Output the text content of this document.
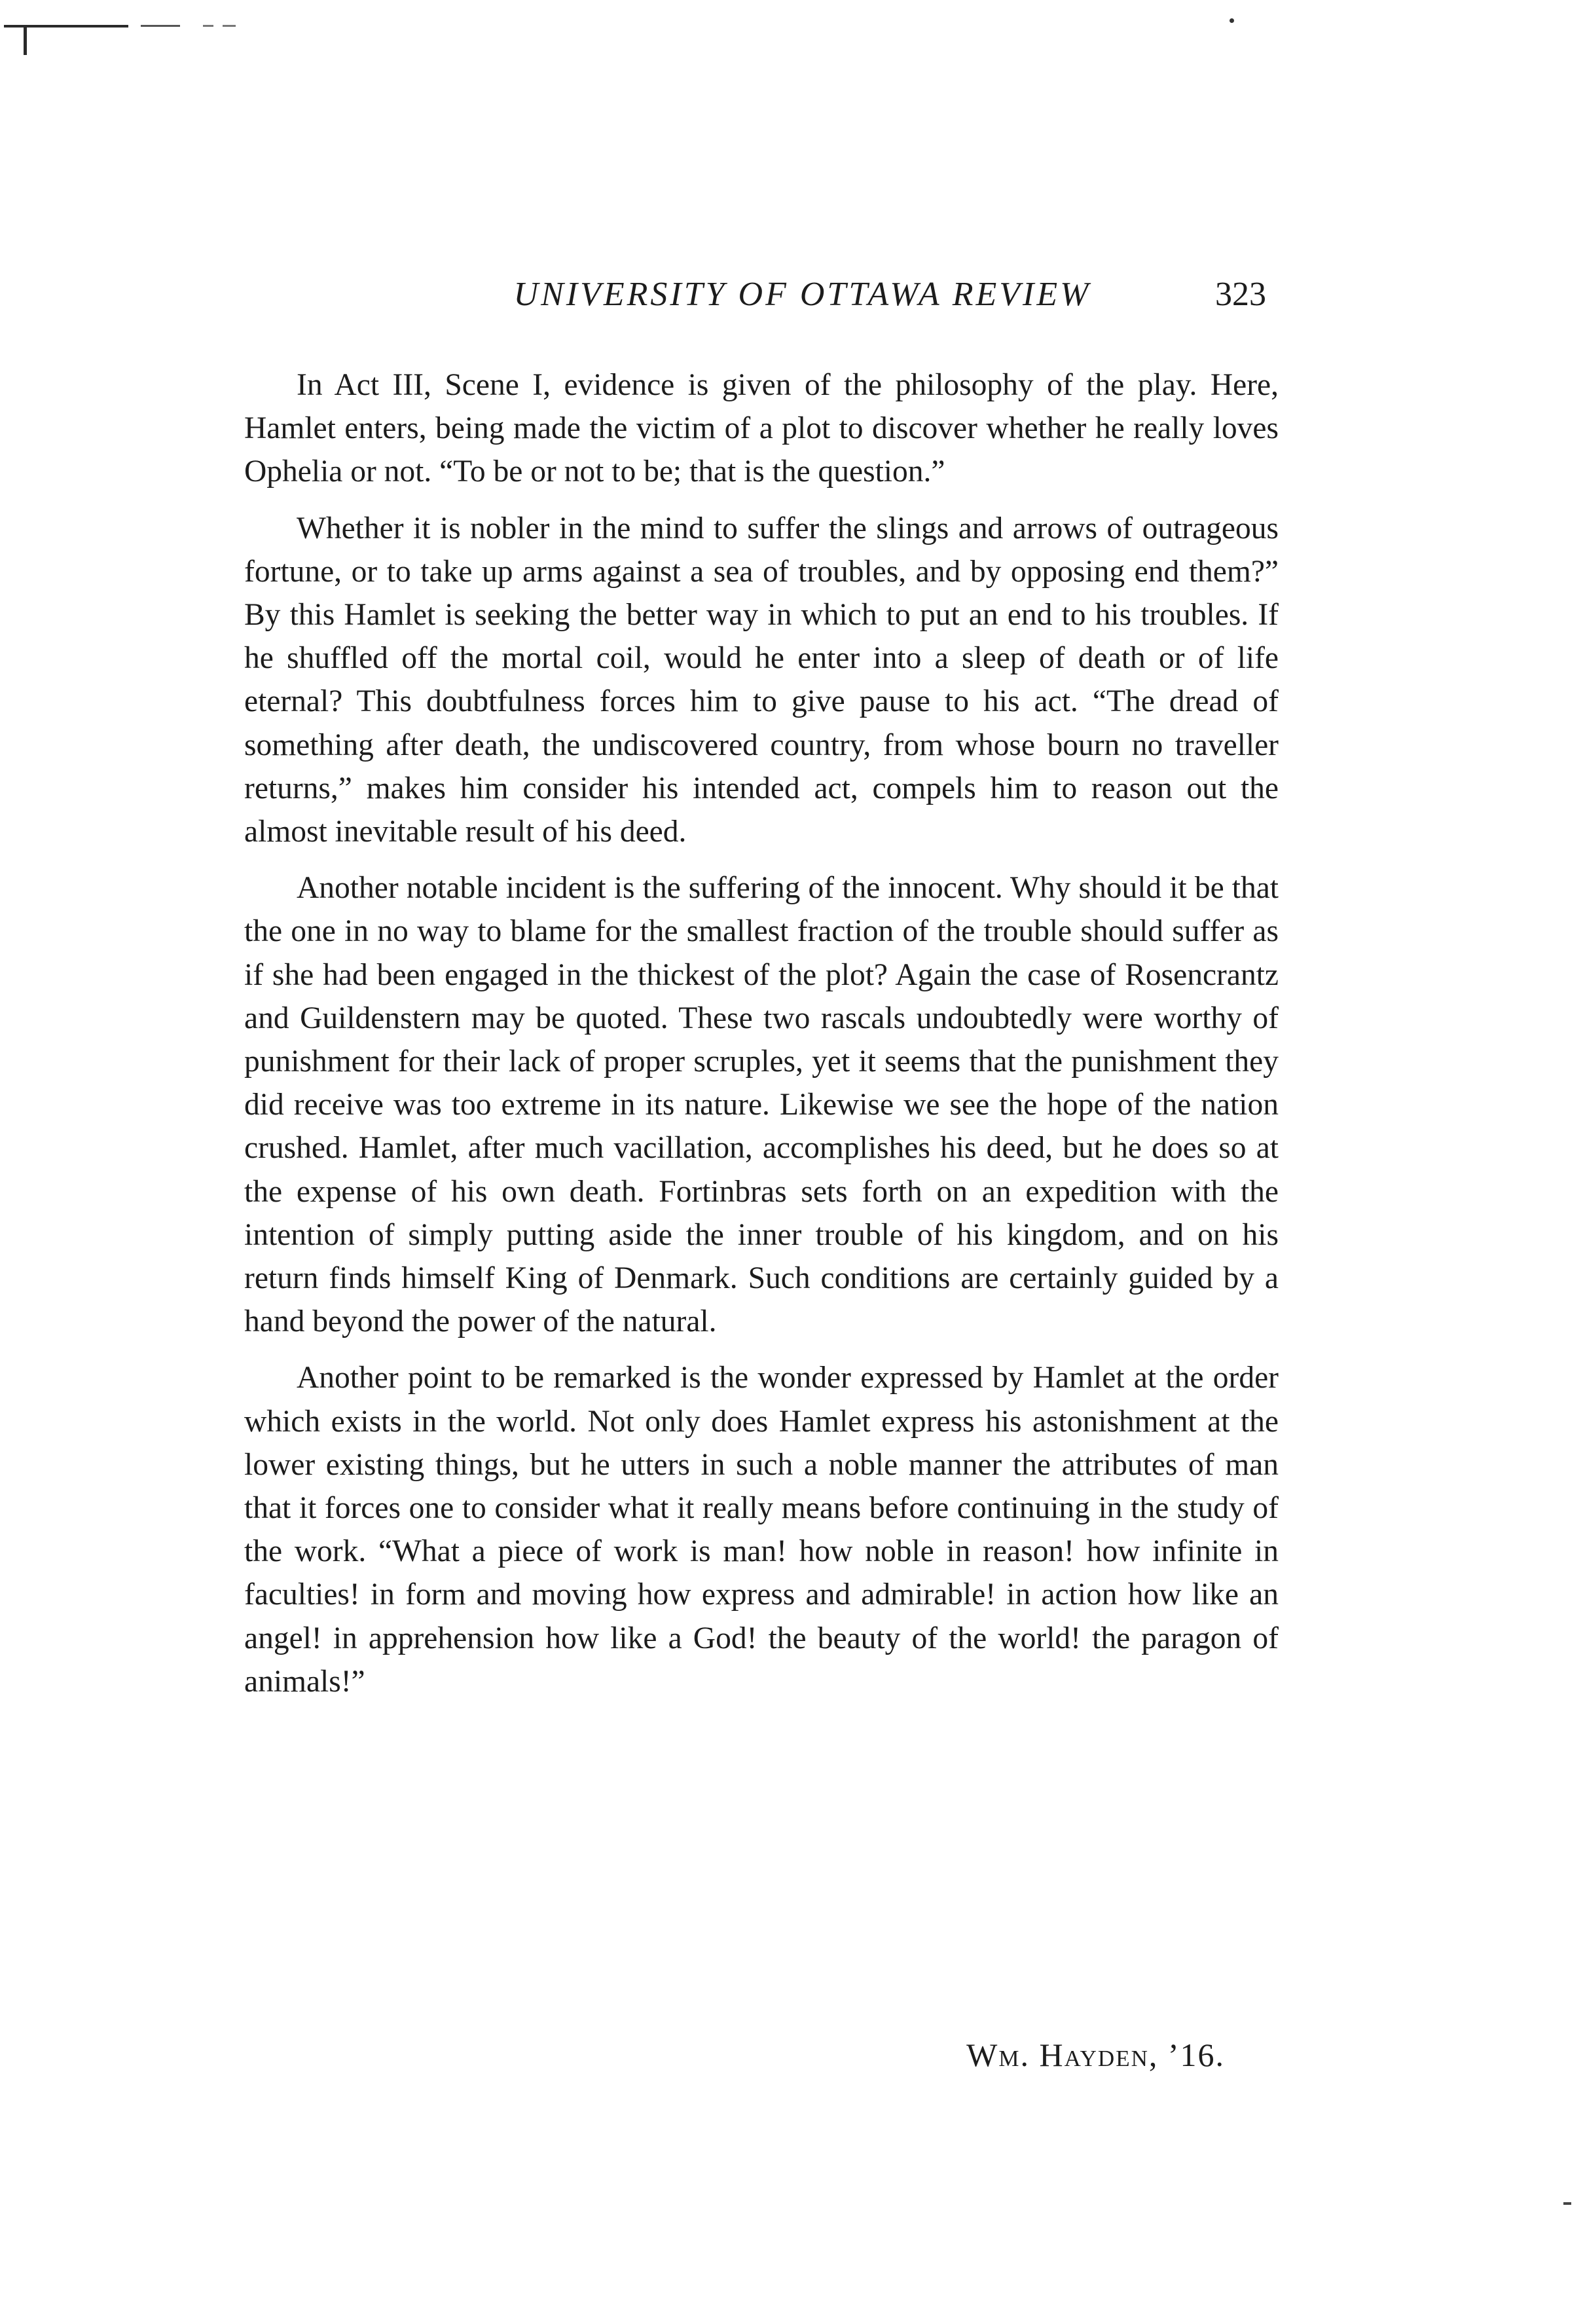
UNIVERSITY OF OTTAWA REVIEW	323

In Act III, Scene I, evidence is given of the philosophy of the play. Here, Hamlet enters, being made the victim of a plot to discover whether he really loves Ophelia or not. “To be or not to be; that is the question.”

Whether it is nobler in the mind to suffer the slings and arrows of outrageous fortune, or to take up arms against a sea of troubles, and by opposing end them?” By this Hamlet is seeking the better way in which to put an end to his troubles. If he shuffled off the mortal coil, would he enter into a sleep of death or of life eternal? This doubtfulness forces him to give pause to his act. “The dread of something after death, the undiscovered country, from whose bourn no traveller returns,” makes him consider his intended act, compels him to reason out the almost inevitable result of his deed.

Another notable incident is the suffering of the innocent. Why should it be that the one in no way to blame for the smallest fraction of the trouble should suffer as if she had been engaged in the thickest of the plot? Again the case of Rosencrantz and Guildenstern may be quoted. These two rascals undoubtedly were worthy of punishment for their lack of proper scruples, yet it seems that the punishment they did receive was too extreme in its nature. Likewise we see the hope of the nation crushed. Hamlet, after much vacillation, accomplishes his deed, but he does so at the expense of his own death. Fortinbras sets forth on an expedition with the intention of simply putting aside the inner trouble of his kingdom, and on his return finds himself King of Denmark. Such conditions are certainly guided by a hand beyond the power of the natural.

Another point to be remarked is the wonder expressed by Hamlet at the order which exists in the world. Not only does Hamlet express his astonishment at the lower existing things, but he utters in such a noble manner the attributes of man that it forces one to consider what it really means before continuing in the study of the work. “What a piece of work is man! how noble in reason! how infinite in faculties! in form and moving how express and admirable! in action how like an angel! in apprehension how like a God! the beauty of the world! the paragon of animals!”

Wm. Hayden, ’16.
